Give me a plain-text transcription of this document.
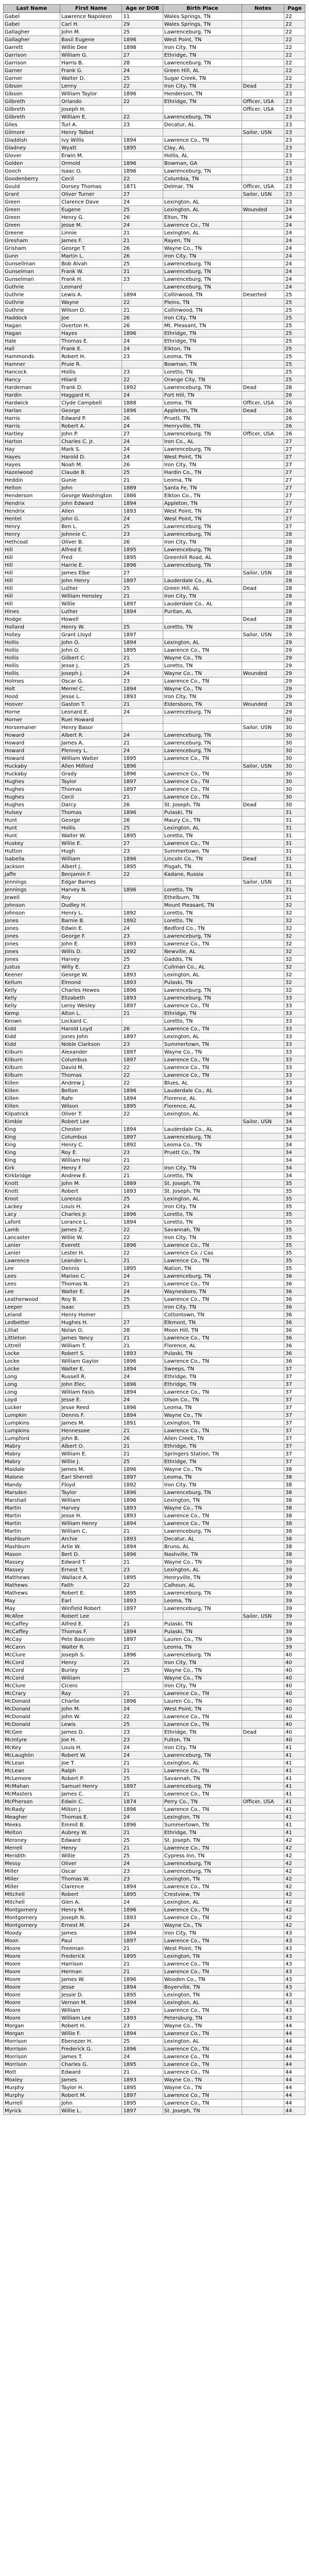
Last Name	First Name	Age or DOB	Birth Place	Notes	Page
Gabel	Lawrence Napoleon	11	Wales Springs, TN		22
Gabel	Carl H.	29	Wales Springs, TN		22
Gallagher	John M.	25	Lawrenceburg, TN		22
Gallagher	Basil Eugene	1896	West Point, TN		22
Garrett	Willie Dee	1898	Iron City, TN		22
Garrison	William G.	27	Ethridge, TN		22
Garrison	Harris B.	28	Lawrenceburg, TN		22
Garner	Frank G.	24	Green Hill, AL		22
Garner	Walter D.	25	Sugar Creek, TN		22
Gibson	Lenny	22	Iron City, TN	Dead	23
Gibson	William Taylor	1896	Henderson, TN		23
Gilbreth	Orlando	22	Ethridge, TN	Officer, USA	23
Gilbreth	Joseph H.			Officer, USA	23
Gilbreth	William E.	22	Lawrenceburg, TN		23
Giles	Turl A.	23	Decatur, AL		23
Gilmore	Henry Talbot			Sailor, USN	23
Gladdish	Ivy Willis	1894	Lawrence Co., TN		23
Gladney	Wyatt	1895	Clay, AL		23
Glover	Erwin M.		Hollis, AL		23
Golden	Ormold	1896	Bowman, GA		23
Gooch	Isaac O.	1896	Lawrenceburg, TN		23
Goodenberry	Cecil	22	Columbia, TN		23
Gould	Dorsey Thomas	1871	Delmar, TN	Officer, USA	23
Grant	Oliver Turner	27		Sailor, USN	23
Green	Clarence Dave	24	Lexington, AL		23
Green	Eugene	25	Lexington, AL	Wounded	24
Green	Henry G.	26	Elton, TN		24
Green	Jesse M.	24	Lawrence Co., TN		24
Greene	Linnie	21	Lexington, AL		24
Gresham	James F.	21	Rayen, TN		24
Grisham	George T.	26	Wayne Co., TN		24
Gunn	Martin L.	26	Iron City, TN		24
Gunsellman	Bob Alvah	25	Lawrenceburg, TN		24
Gunselman	Frank W.	21	Lawrenceburg, TN		24
Gunselman	Frank H.	23	Lawrenceburg, TN		24
Guthrie	Leonard		Lawrenceburg, TN		24
Guthrie	Lewis A.	1894	Collinwood, TN	Deserted	25
Guthrie	Wayne	22	Pleins, TN		25
Guthrie	Wilson D.	21	Collinwood, TN		25
Haddock	Joe	26	Iron City, TN		25
Hagan	Overton H.	26	Mt. Pleasant, TN		25
Hagan	Hayes	1896	Ethridge, TN		25
Hale	Thomas E.	24	Ethridge, TN		25
Hall	Frank E.	24	Elkton, TN		25
Hammonds	Robert H.	23	Leoma, TN		25
Hamner	Pruie R.		Bowman, TN		25
Hancock	Hollis	23	Loretto, TN		25
Hancy	Hilard	22	Orange City, TN		25
Hardeman	Frank D.	1892	Lawrenceburg, TN	Dead	26
Hardin	Haggard H.	24	Fort Hill, TN		26
Hardwick	Clyde Campbell	1888	Leoma, TN	Officer, USA	26
Harlan	George	1896	Appleton, TN	Dead	26
Harris	Edward P.	26	Pruett, TN		26
Harris	Robert A.	24	Henryville, TN		26
Hartley	John P.	27	Lawrenceburg, TN	Officer, USA	26
Harton	Charles C. Jr.	24	Iron Co., AL		27
Hay	Mark S.	24	Lawrenceburg, TN		27
Hayes	Harold D.	24	West Point, TN		27
Hayes	Noah M.	26	Iron City, TN		27
Hazelwood	Claude B.	25	Hardin Co., TN		27
Heddin	Gunie	21	Leoma, TN		27
Helton	John	1889	Santa Fe, TN		27
Henderson	George Washington	1886	Elkton Co., TN		27
Hendrix	John Edward	1894	Appleton, TN		27
Hendrix	Allen	1893	West Point, TN		27
Hentel	John G.	24	West Point, TN		27
Henry	Ben L.	25	Lawrenceburg, TN		27
Henry	Johnnie C.	23	Lawrenceburg, TN		28
Hethcoat	Oliver B.	26	Iron City, TN		28
Hill	Alfred E.	1895	Lawrenceburg, TN		28
Hill	Fred	1895	Greenhill Road, AL		28
Hill	Harrie E.	1896	Lawrenceburg, TN		28
Hill	James Elbe	27		Sailor, USN	28
Hill	John Henry	1897	Lauderdale Co., AL		28
Hill	Luther	25	Green Hill, AL	Dead	28
Hill	William Hensley	21	Iron City, TN		28
Hill	Willie	1897	Lauderdale Co., AL		28
Hines	Luther	1894	Puritan, AL		28
Hodge	Howell			Dead	28
Holland	Henry W.	25	Loretto, TN		28
Holley	Grant Lloyd	1897		Sailor, USN	29
Hollis	John O.	1894	Lexington, AL		29
Hollis	John O.	1895	Lawrence Co., TN		29
Hollis	Gilbert C.	21	Wayne Co., TN		29
Hollis	Jesse J.	25	Loretto, TN		29
Hollis	Joseph J.	24	Wayne Co., TN	Wounded	29
Holmes	Oscar G.	23	Lawrence Co., TN		29
Holt	Merrel C.	1894	Wayne Co., TN		29
Hood	Jesse L.	1893	Iron City, TN		29
Hoover	Gaston T.	21	Eldersboro, TN	Wounded	29
Horne	Leonard E.	24	Lawrenceburg, TN		29
Horner	Ruel Howard				30
Horsemaner	Henry Basor			Sailor, USN	30
Howard	Albert R.	24	Lawrenceburg, TN		30
Howard	James A.	21	Lawrenceburg, TN		30
Howard	Plenney L.	24	Lawrenceburg, TN		30
Howard	William Walter	1895	Lawrence Co., TN		30
Huckaby	Allen Milford	1896		Sailor, USN	30
Huckaby	Grady	1896	Lawrence Co., TN		30
Hughes	Taylor	1897	Lawrence Co., TN		30
Hughes	Thomas	1897	Lawrence Co., TN		30
Hughes	Cecil	21	Lawrence Co., TN		30
Hughes	Darcy	26	St. Joseph, TN	Dead	30
Hulsey	Thomas	1896	Pulaski, TN		31
Hunt	George	26	Maury Co., TN		31
Hunt	Hollis	25	Lexington, AL		31
Hunt	Walter W.	1895	Loretto, TN		31
Huskey	Willie E.	27	Lawrence Co., TN		31
Hutton	Hugh	23	Summertown, TN		31
Isabella	William	1896	Lincoln Co., TN	Dead	31
Jackson	Albert J.	1895	Pisgah, TN		31
Jaffe	Benjamin F.	22	Kadane, Russia		31
Jennings	Edgar Barnes			Sailor, USN	31
Jennings	Harvey N.	1896	Loretto, TN		31
Jewell	Roy		Ethelburn, TN		31
Johnson	Dudley H.		Mount Pleasant, TN		32
Johnson	Henry L.	1892	Loretto, TN		32
Jones	Barnie B.	1892	Loretto, TN		32
Jones	Edwin E.	24	Bedford Co., TN		32
Jones	George F.	23	Lawrenceburg, TN		32
Jones	John E.	1893	Lawrence Co., TN		32
Jones	Willis D.	1892	Newville, AL		32
Jones	Harvey	25	Gaddis, TN		32
Justus	Willy E.	23	Cullman Co., AL		32
Keener	George W.	1893	Lexington, AL		32
Kellum	Elmond	1893	Pulaski, TN		32
Kelly	Charles Hewes	1896	Lawrenceburg, TN		32
Kelly	Elizabeth	1893	Lawrenceburg, TN		33
Kelly	Leroy Wesley	1897	Lawrence Co., TN		33
Kemp	Alton L.	21	Ethridge, TN		33
Keown	Lockard C.		Loretto, TN		33
Kidd	Harold Loyd	26	Lawrence Co., TN		33
Kidd	Jones John	1897	Lexington, AL		33
Kidd	Noble Clarkson	23	Summertown, TN		33
Kilburn	Alexander	1897	Wayne Co., TN		33
Kilburn	Columbus	1897	Lawrence Co., TN		33
Kilburn	David M.	22	Lawrence Co., TN		33
Kilburn	Thomas	22	Lawrence Co., TN		33
Killen	Andrew J.	22	Blues, AL		33
Killen	Belton	1896	Lauderdale Co., AL		34
Killen	Rafe	1894	Florence, AL		34
Killen	Wilson	1895	Florence, AL		34
Kilpatrick	Oliver T.	22	Lexington, AL		34
Kimble	Robert Lee			Sailor, USN	34
King	Chester	1894	Lauderdale Co., AL		34
King	Columbus	1897	Lawrenceburg, TN		34
King	Henry C.	1892	Leoma Co., TN		34
King	Roy E.	23	Pruett Co., TN		34
King	William Hal	21			34
Kirk	Henry F.	22	Iron City, TN		34
Kirkbridge	Andrew E.	21	Loretto, TN		34
Knott	John M.	1889	St. Joseph, TN		35
Knott	Robert	1893	St. Joseph, TN		35
Kroot	Lorenzo	25	Lexington, AL		35
Lackey	Louis H.	24	Iron City, TN		35
Lacy	Charles Jr.	1896	Loretto, TN		35
Lafont	Lorance L.	1894	Loretto, TN		35
Lamb	James Z.	22	Savannah, TN		35
Lancaster	Willie W.	22	Iron City, TN		35
Lanier	Everett	1896	Lawrence Co., TN		35
Lanier	Lester H.	22	Lawrence Co. / Cas		35
Lawrence	Leander L.	21	Lawrence Co., TN		35
Lee	Dennis	1895	Nation, TN		35
Lees	Marion C.	24	Lawrenceburg, TN		36
Lees	Thomas N.	21	Lawrence Co., TN		36
Lee	Walter E.	24	Waynesboro, TN		36
Leatherwood	Roy B.	25	Lawrence Co., TN		36
Leeper	Isaac	25	Iron City, TN		36
Leland	Henry Homer		Cottontown, TN		36
Ledbetter	Hughes H.	27	Elkmont, TN		36
Lilliat	Nolan O.	28	Moon Hill, TN		36
Littleton	James Yancy	21	Lawrence Co., TN		36
Littrell	William T.	21	Florence, AL		36
Locke	Robert S.	1893	Pulaski, TN		36
Locke	William Gaylor	1896	Lawrence Co., TN		36
Locke	Walter E.	1894	Sweeps, TN		37
Long	Russell R.	24	Ethridge, TN		37
Long	John Elec.	1896	Ethridge, TN		37
Long	William Fasis	1894	Lawrence Co., TN		37
Loyd	Jesse E.	24	Olson Co., TN		37
Lucker	Jesse Reed	1896	Leoma, TN		37
Lumpkin	Dennis F.	1894	Wayne Co., TN		37
Lumpkins	James M.	1891	Lexington, TN		37
Lumpkins	Hennessee	21	Lawrence Co., TN		37
Lumpford	John B.	26	Allen Creek, TN		37
Mabry	Albert O.	21	Ethridge, TN		37
Mabry	William E.	21	Springers Station, TN		37
Mabry	Willie J.	25	Ethridge, TN		37
Maidale	James M.	1896	Wayne Co., TN		38
Malone	Earl Sherrell	1897	Leoma, TN		38
Mandy	Floyd	1892	Iron City, TN		38
Marsden	Taylor	1896	Lawrenceburg, TN		38
Marshall	William	1896	Lexington, TN		38
Martin	Harvey	1893	Wayne Co., TN		38
Martin	Jesse H.	1893	Lawrence Co., TN		38
Martin	William Henry	1894	Lawrence Co., TN		38
Martin	William C.	21	Lawrenceburg, TN		38
Mashburn	Archie	1893	Decatur, AL		38
Mashburn	Arlie W.	1894	Bruno, AL		38
Mason	Bert D.	1896	Nashville, TN		38
Massey	Edward T.	21	Wayne Co., TN		39
Massey	Ernest T.	23	Lexington, AL		39
Matthews	Wallace A.	1895	Henryville, TN		39
Mathews	Faith	22	Calhoun, AL		39
Mathews	Robert E.	1895	Lawrenceburg, TN		39
May	Earl	1893	Leoma, TN		39
May	Winfield Robert	1897	Lawrenceburg, TN		39
McAfee	Robert Lee			Sailor, USN	39
McCaffey	Alfred E.	21	Pulaski, TN		39
McCaffey	Thomas F.	1894	Pulaski, TN		39
McCay	Pete Bascom	1897	Lauren Co., TN		39
McCann	Walter R.	21	Leoma, TN		39
McClure	Joseph S.	1896	Lawrenceburg, TN		40
McCord	Henry	21	Iron City, TN		40
McCord	Burley	25	Wayne Co., TN		40
McCord	William		Wayne Co., TN		40
McClure	Cicero		Iron City, TN		40
McCrary	Ray	21	Lawrence Co., TN		40
McDonald	Charlie	1896	Lauren Co., TN		40
McDonald	John M.	24	West Point, TN		40
McDonald	John W.	22	Lawrence Co., TN		40
McDonald	Lewis	25	Lawrence Co., TN		40
McGee	James D.	23	Ethridge, TN	Dead	40
McIntyre	Joe H.	23	Fulton, TN		40
McKey	Louis H.	24	Iron City, TN		41
McLaughlin	Robert W.	24	Lawrenceburg, TN		41
McLean	Joe T.	21	Lexington, AL		41
McLean	Ralph	21	Lawrence Co., TN		41
McLemore	Robert P.	25	Savannah, TN		41
McMahan	Samuel Henry	1897	Lawrenceburg, TN		41
McMasters	James C.	21	Lawrence Co., TN		41
McPherson	Edwin C.	1874	Perry Co., TN	Officer, USA	41
McRady	Milton J.	1896	Lawrence Co., TN		41
Meagher	Thomas E.	24	Lexington, TN		41
Meeks	Emmit B.	1896	Summertown, TN		41
Melton	Aubrey W.	21	Ethridge, TN		41
Meroney	Edward	25	St. Joseph, TN		42
Merrell	Henry	21	Lawrence Co., TN		42
Meridith	Willie	25	Cypress Inn, TN		42
Messy	Oliver	24	Lawrenceburg, TN		42
Miller	Oscar	23	Lawrenceburg, TN		42
Miller	Thomas W.	23	Lexington, TN		42
Miller	Clarence	1894	Lawrence Co., TN		42
Mitchell	Robert	1895	Crestview, TN		42
Mitchell	Glen A.	24	Lexington, AL		42
Montgomery	Henry M.	1896	Lawrence Co., TN		42
Montgomery	Joseph N.	1893	Lawrence Co., TN		42
Montgomery	Ernest M.	24	Wayne Co., TN		42
Moody	James	1894	Iron City, TN		43
Moon	Paul	1897	Lawrence Co., TN		43
Moore	Freeman	21	West Point, TN		43
Moore	Frederick	1895	Lexington, TN		43
Moore	Harrison	21	Lawrence Co., TN		43
Moore	Herman	21	Lawrence Co., TN		43
Moore	James W.	1896	Wooden Co., TN		43
Moore	Jesse	1894	Boyerville, TN		43
Moore	Jessie D.	1895	Lexington, TN		43
Moore	Vernon M.	1894	Lexington, AL		43
Moore	William	23	Lawrence Co., TN		43
Moore	William Lee	1893	Petersburg, TN		43
Morgan	Robert H.	23	Wayne Co., TN		44
Morgan	Willie F.	1894	Lawrence Co., TN		44
Morrison	Ebenezer H.	25	Lexington, AL		44
Morrison	Frederick G.	1896	Lawrence Co., TN		44
Morrison	James T.	24	Lawrence Co., TN		44
Morrison	Charles G.	1895	Lawrence Co., TN		44
Mott	Edward	21	Lawrence Co., TN		44
Moxley	James	1893	Wayne Co., TN		44
Murphy	Taylor H.	1895	Wayne Co., TN		44
Murphy	Robert M.	1897	Lawrence Co., TN		44
Murrell	John	1895	Lawrence Co., TN		44
Myrick	Willie L.	1897	St. Joseph, TN		44
